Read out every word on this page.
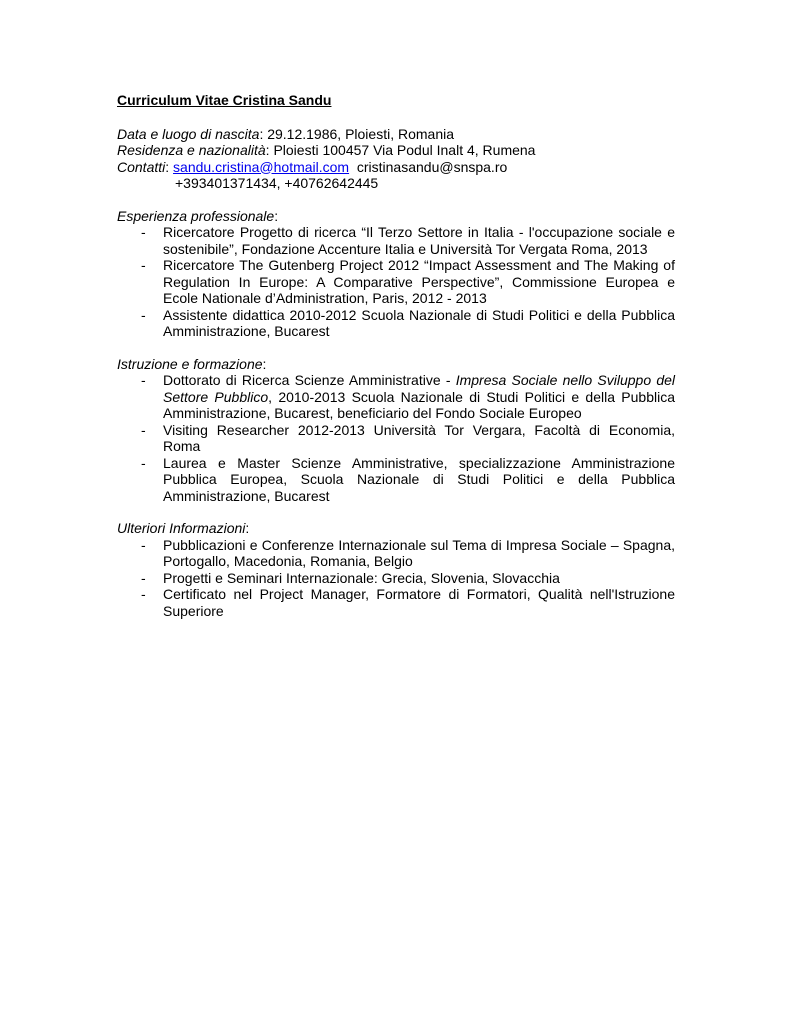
Curriculum Vitae Cristina Sandu

Data e luogo di nascita: 29.12.1986, Ploiesti, Romania

Residenza e nazionalità: Ploiesti 100457 Via Podul Inalt 4, Rumena

Contatti: sandu.cristina@hotmail.com cristinasandu@snspa.ro

+393401371434, +40762642445

Esperienza professionale:

- Ricercatore Progetto di ricerca “Il Terzo Settore in Italia - l'occupazione sociale e sostenibile”, Fondazione Accenture Italia e Università Tor Vergata Roma, 2013
- Ricercatore The Gutenberg Project 2012 “Impact Assessment and The Making of Regulation In Europe: A Comparative Perspective”, Commissione Europea e Ecole Nationale d’Administration, Paris, 2012 - 2013
- Assistente didattica 2010-2012 Scuola Nazionale di Studi Politici e della Pubblica Amministrazione, Bucarest

Istruzione e formazione:

- Dottorato di Ricerca Scienze Amministrative - Impresa Sociale nello Sviluppo del Settore Pubblico, 2010-2013 Scuola Nazionale di Studi Politici e della Pubblica Amministrazione, Bucarest, beneficiario del Fondo Sociale Europeo
- Visiting Researcher 2012-2013 Università Tor Vergara, Facoltà di Economia, Roma
- Laurea e Master Scienze Amministrative, specializzazione Amministrazione Pubblica Europea, Scuola Nazionale di Studi Politici e della Pubblica Amministrazione, Bucarest

Ulteriori Informazioni:

- Pubblicazioni e Conferenze Internazionale sul Tema di Impresa Sociale – Spagna, Portogallo, Macedonia, Romania, Belgio
- Progetti e Seminari Internazionale: Grecia, Slovenia, Slovacchia
- Certificato nel Project Manager, Formatore di Formatori, Qualità nell'Istruzione Superiore
